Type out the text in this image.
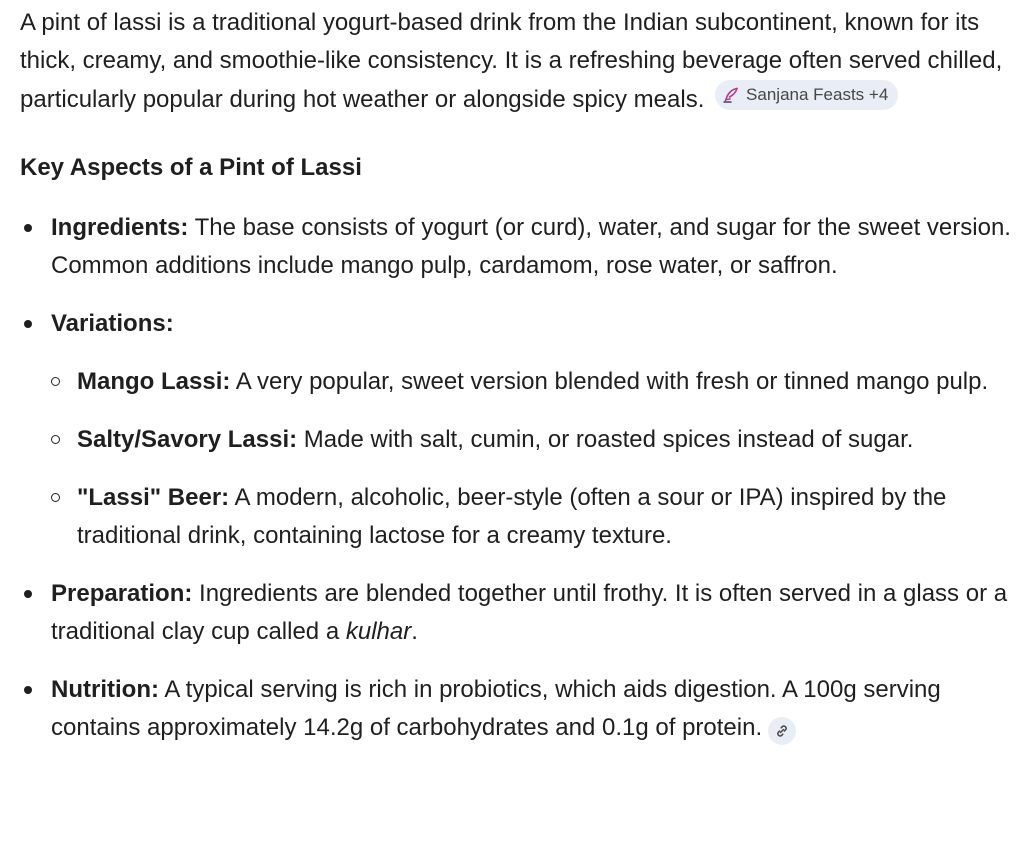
A pint of lassi is a traditional yogurt-based drink from the Indian subcontinent, known for its thick, creamy, and smoothie-like consistency. It is a refreshing beverage often served chilled, particularly popular during hot weather or alongside spicy meals. Sanjana Feasts +4

Key Aspects of a Pint of Lassi
Ingredients: The base consists of yogurt (or curd), water, and sugar for the sweet version. Common additions include mango pulp, cardamom, rose water, or saffron.
Variations:
Mango Lassi: A very popular, sweet version blended with fresh or tinned mango pulp.
Salty/Savory Lassi: Made with salt, cumin, or roasted spices instead of sugar.
"Lassi" Beer: A modern, alcoholic, beer-style (often a sour or IPA) inspired by the traditional drink, containing lactose for a creamy texture.
Preparation: Ingredients are blended together until frothy. It is often served in a glass or a traditional clay cup called a kulhar.
Nutrition: A typical serving is rich in probiotics, which aids digestion. A 100g serving contains approximately 14.2g of carbohydrates and 0.1g of protein.
